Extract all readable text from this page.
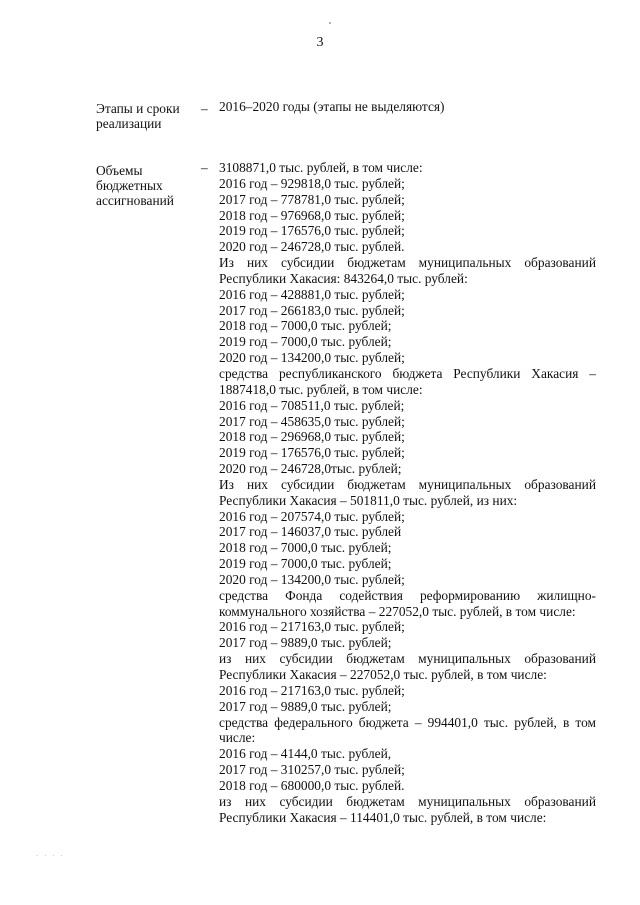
3
Этапы и сроки
реализации
– 2016–2020 годы (этапы не выделяются)
Объемы
бюджетных
ассигнований
– 3108871,0 тыс. рублей, в том числе:
2016 год – 929818,0 тыс. рублей;
2017 год – 778781,0 тыс. рублей;
2018 год – 976968,0 тыс. рублей;
2019 год – 176576,0 тыс. рублей;
2020 год – 246728,0 тыс. рублей.
Из них субсидии бюджетам муниципальных образований
Республики Хакасия: 843264,0 тыс. рублей:
2016 год – 428881,0 тыс. рублей;
2017 год – 266183,0 тыс. рублей;
2018 год – 7000,0 тыс. рублей;
2019 год – 7000,0 тыс. рублей;
2020 год – 134200,0 тыс. рублей;
средства республиканского бюджета Республики Хакасия –
1887418,0 тыс. рублей, в том числе:
2016 год – 708511,0 тыс. рублей;
2017 год – 458635,0 тыс. рублей;
2018 год – 296968,0 тыс. рублей;
2019 год – 176576,0 тыс. рублей;
2020 год – 246728,0тыс. рублей;
Из них субсидии бюджетам муниципальных образований
Республики Хакасия – 501811,0 тыс. рублей, из них:
2016 год – 207574,0 тыс. рублей;
2017 год – 146037,0 тыс. рублей
2018 год – 7000,0 тыс. рублей;
2019 год – 7000,0 тыс. рублей;
2020 год – 134200,0 тыс. рублей;
средства Фонда содействия реформированию жилищно-
коммунального хозяйства – 227052,0 тыс. рублей, в том числе:
2016 год – 217163,0 тыс. рублей;
2017 год – 9889,0 тыс. рублей;
из них субсидии бюджетам муниципальных образований
Республики Хакасия – 227052,0 тыс. рублей, в том числе:
2016 год – 217163,0 тыс. рублей;
2017 год – 9889,0 тыс. рублей;
средства федерального бюджета – 994401,0 тыс. рублей, в том
числе:
2016 год – 4144,0 тыс. рублей,
2017 год – 310257,0 тыс. рублей;
2018 год – 680000,0 тыс. рублей.
из них субсидии бюджетам муниципальных образований
Республики Хакасия – 114401,0 тыс. рублей, в том числе:
· · · ·
